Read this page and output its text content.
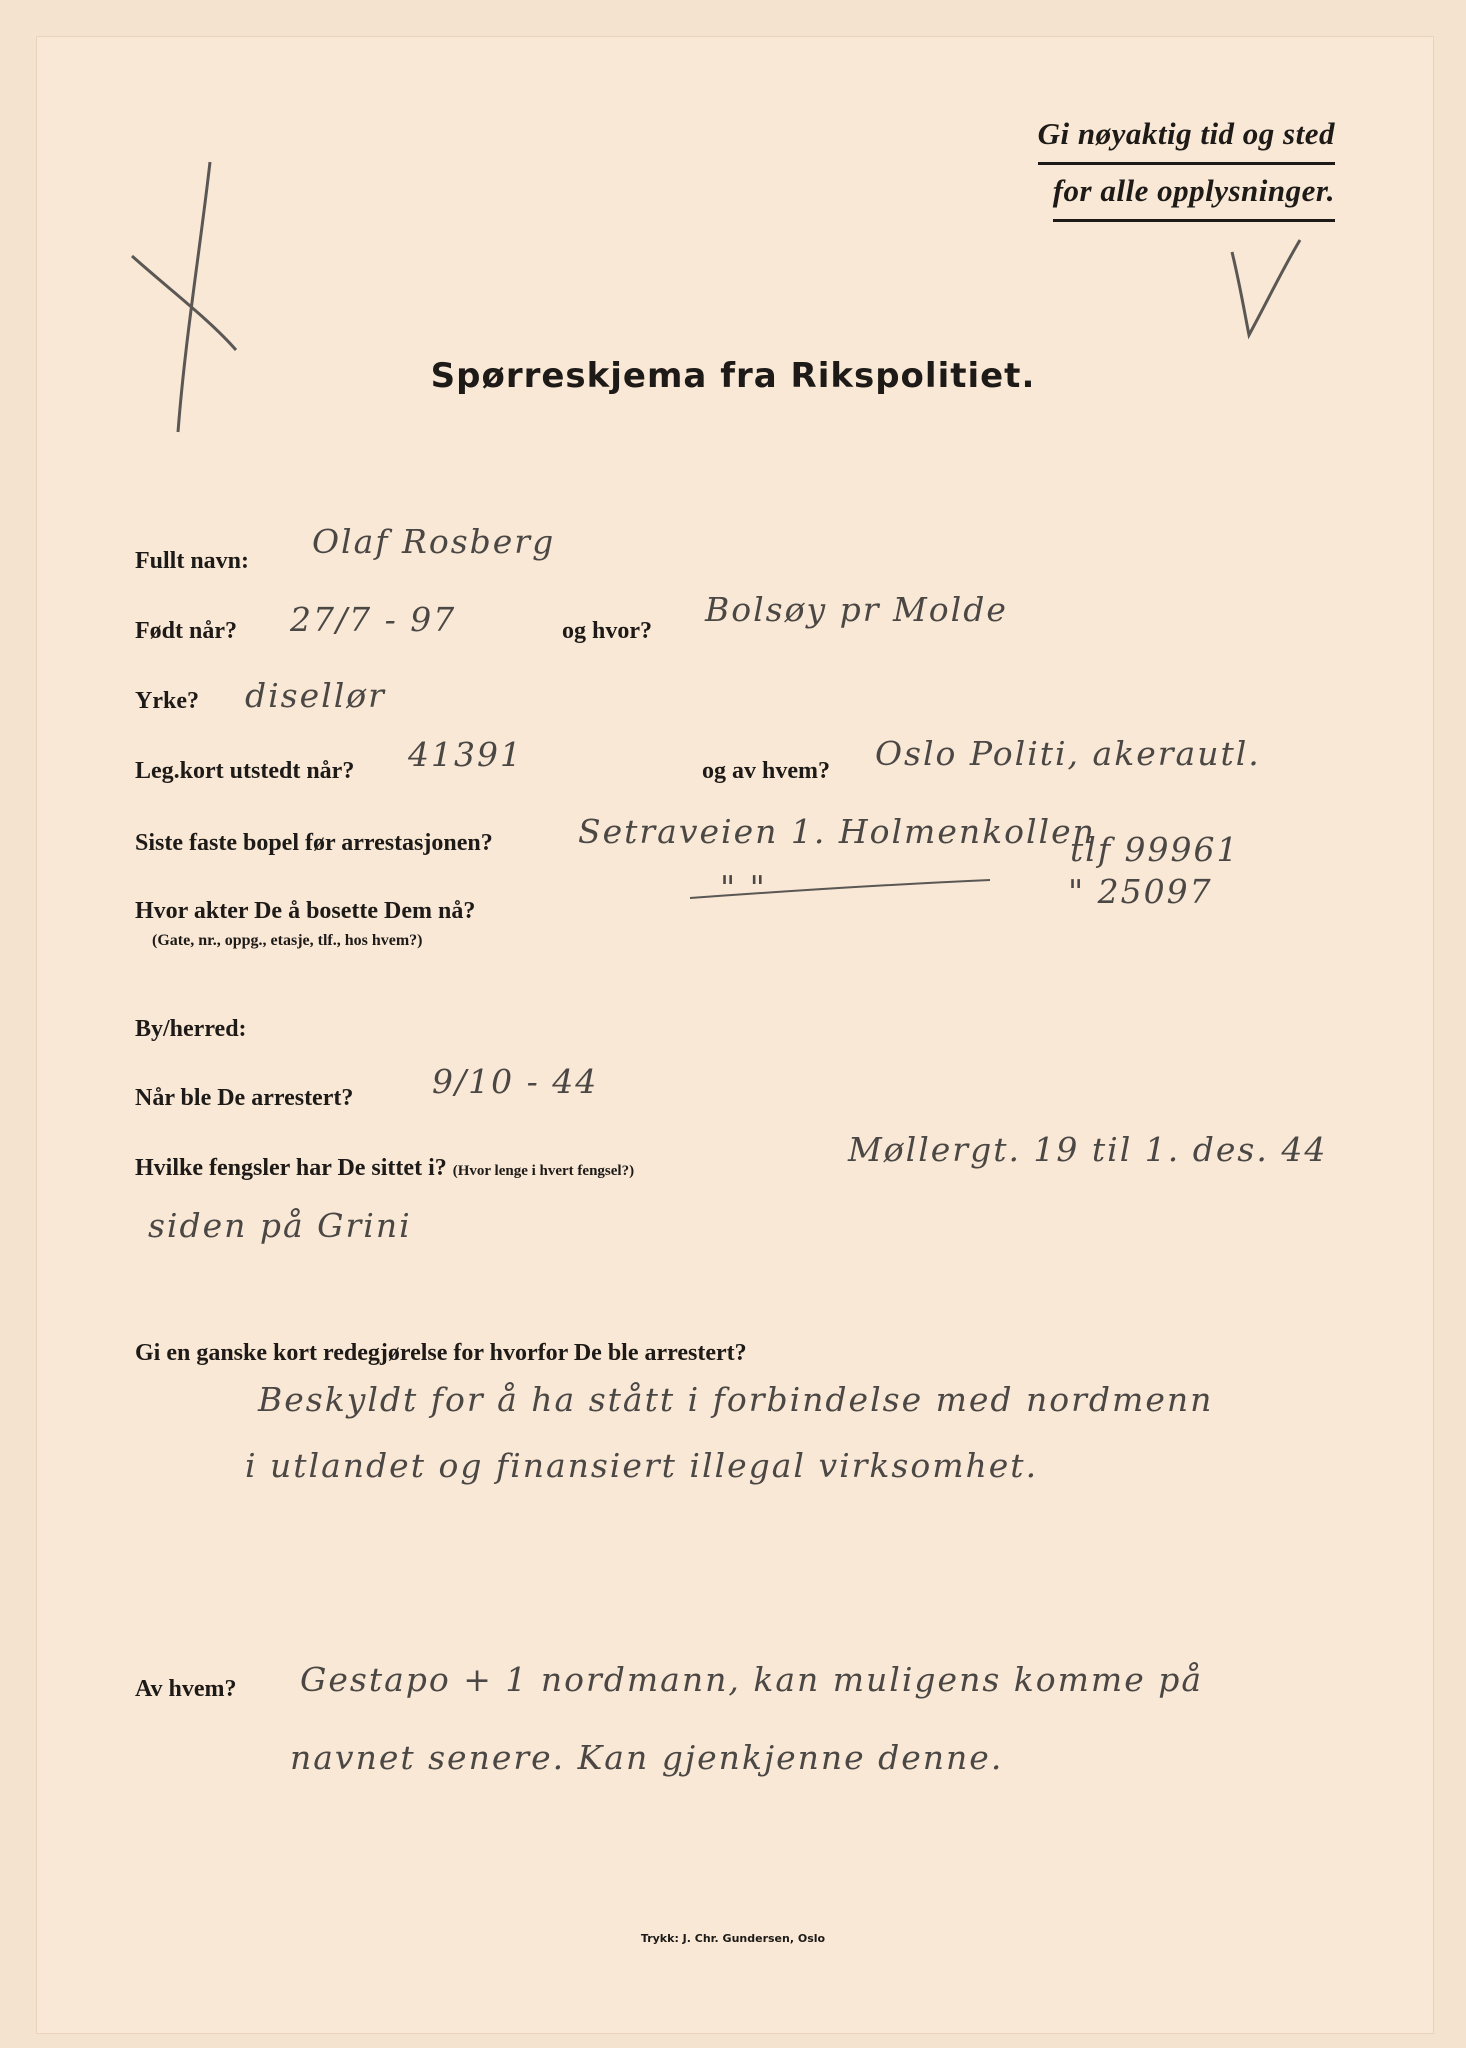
Gi nøyaktig tid og sted
for alle opplysninger.
Spørreskjema fra Rikspolitiet.
Fullt navn: Olaf Rosberg
Født når? 27/7 - 97	og hvor?
Bolsøy pr Molde
Yrke? disellør
Leg.kort utstedt når? 41391	og av hvem? Oslo Politi, akerautl.
Siste faste bopel før arrestasjonen?	Setraveien 1. Holmenkollen
tlf 99961
Hvor akter De å bosette Dem nå?
(Gate, nr., oppg., etasje, tlf., hos hvem?)
" "	" 25097
By/herred:
Når ble De arrestert? 9/10 - 44
Hvilke fengsler har De sittet i? (Hvor lenge i hvert fengsel?)
Møllergt. 19 til 1. des. 44
siden på Grini
Gi en ganske kort redegjørelse for hvorfor De ble arrestert?
Beskyldt for å ha stått i forbindelse med nordmenn
i utlandet og finansiert illegal virksomhet.
Av hvem? Gestapo + 1 nordmann, kan muligens komme på
navnet senere. Kan gjenkjenne denne.
Trykk: J. Chr. Gundersen, Oslo
